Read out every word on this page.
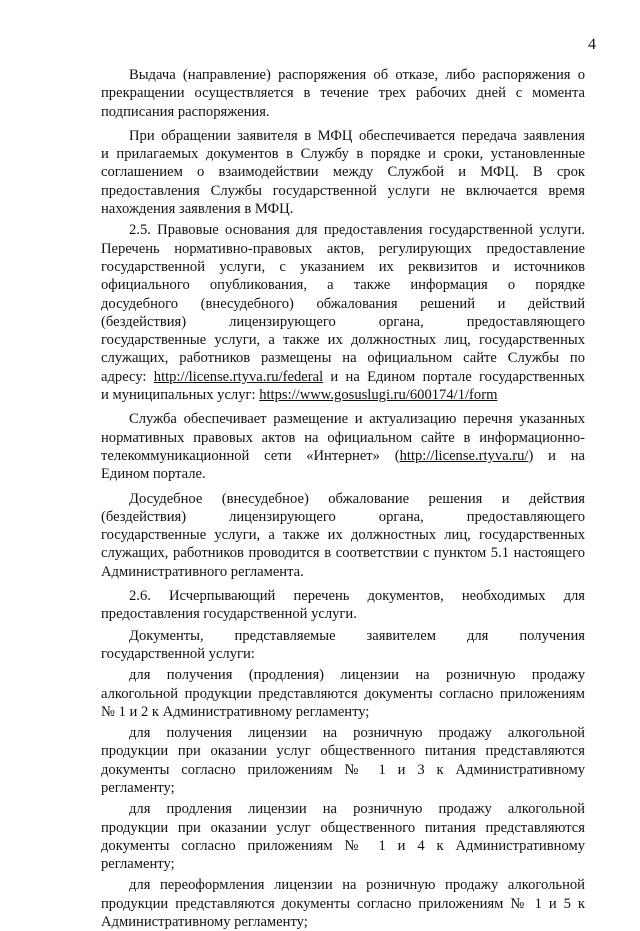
4
Выдача (направление) распоряжения об отказе, либо распоряжения о
прекращении осуществляется в течение трех рабочих дней с момента
подписания распоряжения.
При обращении заявителя в МФЦ обеспечивается передача заявления
и прилагаемых документов в Службу в порядке и сроки, установленные
соглашением о взаимодействии между Службой и МФЦ. В срок
предоставления Службы государственной услуги не включается время
нахождения заявления в МФЦ.
2.5. Правовые основания для предоставления государственной услуги.
Перечень нормативно-правовых актов, регулирующих предоставление
государственной услуги, с указанием их реквизитов и источников
официального опубликования, а также информация о порядке
досудебного (внесудебного) обжалования решений и действий
(бездействия) лицензирующего органа, предоставляющего
государственные услуги, а также их должностных лиц, государственных
служащих, работников размещены на официальном сайте Службы по
адресу: http://license.rtyva.ru/federal и на Едином портале государственных
и муниципальных услуг: https://www.gosuslugi.ru/600174/1/form
Служба обеспечивает размещение и актуализацию перечня указанных
нормативных правовых актов на официальном сайте в информационно-
телекоммуникационной сети «Интернет» (http://license.rtyva.ru/) и на
Едином портале.
Досудебное (внесудебное) обжалование решения и действия
(бездействия) лицензирующего органа, предоставляющего
государственные услуги, а также их должностных лиц, государственных
служащих, работников проводится в соответствии с пунктом 5.1 настоящего
Административного регламента.
2.6. Исчерпывающий перечень документов, необходимых для
предоставления государственной услуги.
Документы, представляемые заявителем для получения
государственной услуги:
для получения (продления) лицензии на розничную продажу
алкогольной продукции представляются документы согласно приложениям
№ 1 и 2 к Административному регламенту;
для получения лицензии на розничную продажу алкогольной
продукции при оказании услуг общественного питания представляются
документы согласно приложениям № 1 и 3 к Административному
регламенту;
для продления лицензии на розничную продажу алкогольной
продукции при оказании услуг общественного питания представляются
документы согласно приложениям № 1 и 4 к Административному
регламенту;
для переоформления лицензии на розничную продажу алкогольной
продукции представляются документы согласно приложениям № 1 и 5 к
Административному регламенту;
